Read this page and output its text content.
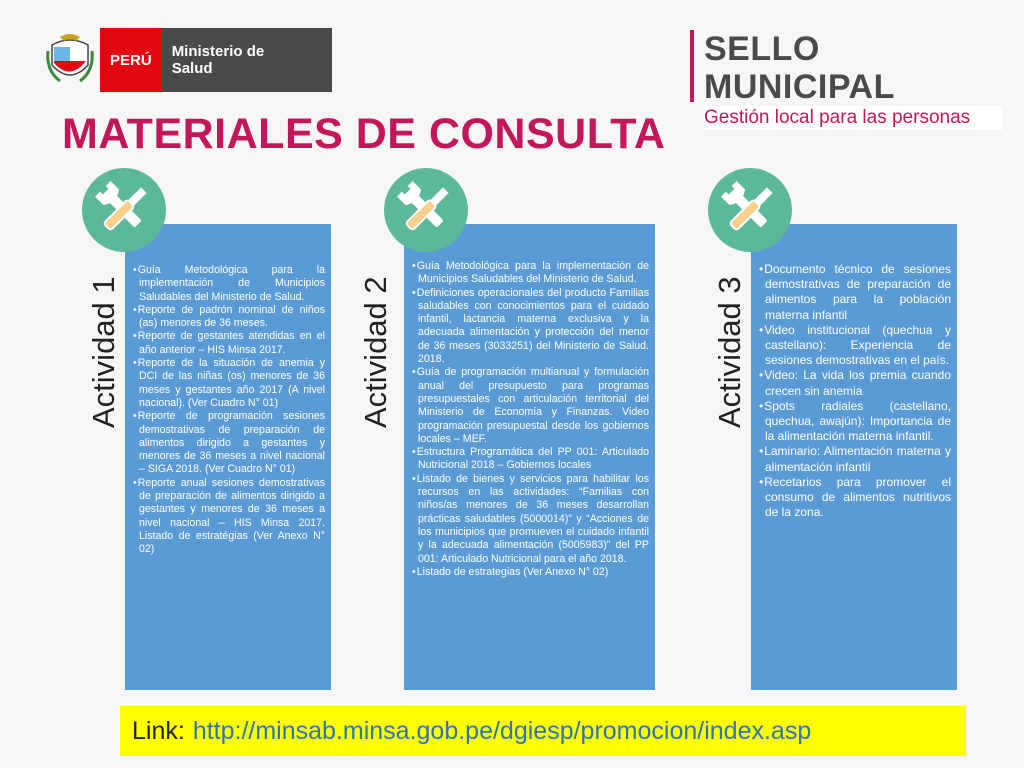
PERÚ	Ministerio de Salud
SELLO MUNICIPAL
Gestión local para las personas
MATERIALES DE CONSULTA
• Guía Metodológica para la implementación de Municipios Saludables del Ministerio de Salud.
• Reporte de padrón nominal de niños (as) menores de 36 meses.
• Reporte de gestantes atendidas en el año anterior – HIS Minsa 2017.
• Reporte de la situación de anemia y DCI de las niñas (os) menores de 36 meses y gestantes año 2017 (A nivel nacional). (Ver Cuadro N° 01)
• Reporte de programación sesiones demostrativas de preparación de alimentos dirigido a gestantes y menores de 36 meses a nivel nacional – SIGA 2018. (Ver Cuadro N° 01)
• Reporte anual sesiones demostrativas de preparación de alimentos dirigido a gestantes y menores de 36 meses a nivel nacional – HIS Minsa 2017. Listado de estratégias (Ver Anexo N° 02)
Actividad 1
• Guía Metodológica para la implementación de Municipios Saludables del Ministerio de Salud.
• Definiciones operacionales del producto Familias saludables con conocimientos para el cuidado infantil, lactancia materna exclusiva y la adecuada alimentación y protección del menor de 36 meses (3033251) del Ministerio de Salud. 2018.
• Guía de programación multianual y formulación anual del presupuesto para programas presupuestales con articulación territorial del Ministerio de Economía y Finanzas. Video programación presupuestal desde los gobiernos locales – MEF.
• Estructura Programática del PP 001: Articulado Nutricional 2018 – Gobiernos locales
• Listado de bienes y servicios para habilitar los recursos en las actividades: “Familias con niños/as menores de 36 meses desarrollan prácticas saludables (5000014)” y “Acciones de los municipios que promueven el cuidado infantil y la adecuada alimentación (5005983)” del PP 001: Articulado Nutricional para el año 2018.
• Listado de estrategias (Ver Anexo N° 02)
Actividad 2
• Documento técnico de sesiones demostrativas de preparación de alimentos para la población materna infantil
• Video institucional (quechua y castellano): Experiencia de sesiones demostrativas en el país.
• Video: La vida los premia cuando crecen sin anemia
• Spots radiales (castellano, quechua, awajún): Importancia de la alimentación materna infantil.
• Laminario: Alimentación materna y alimentación infantil
• Recetarios para promover el consumo de alimentos nutritivos de la zona.
Actividad 3
Link: http://minsab.minsa.gob.pe/dgiesp/promocion/index.asp
